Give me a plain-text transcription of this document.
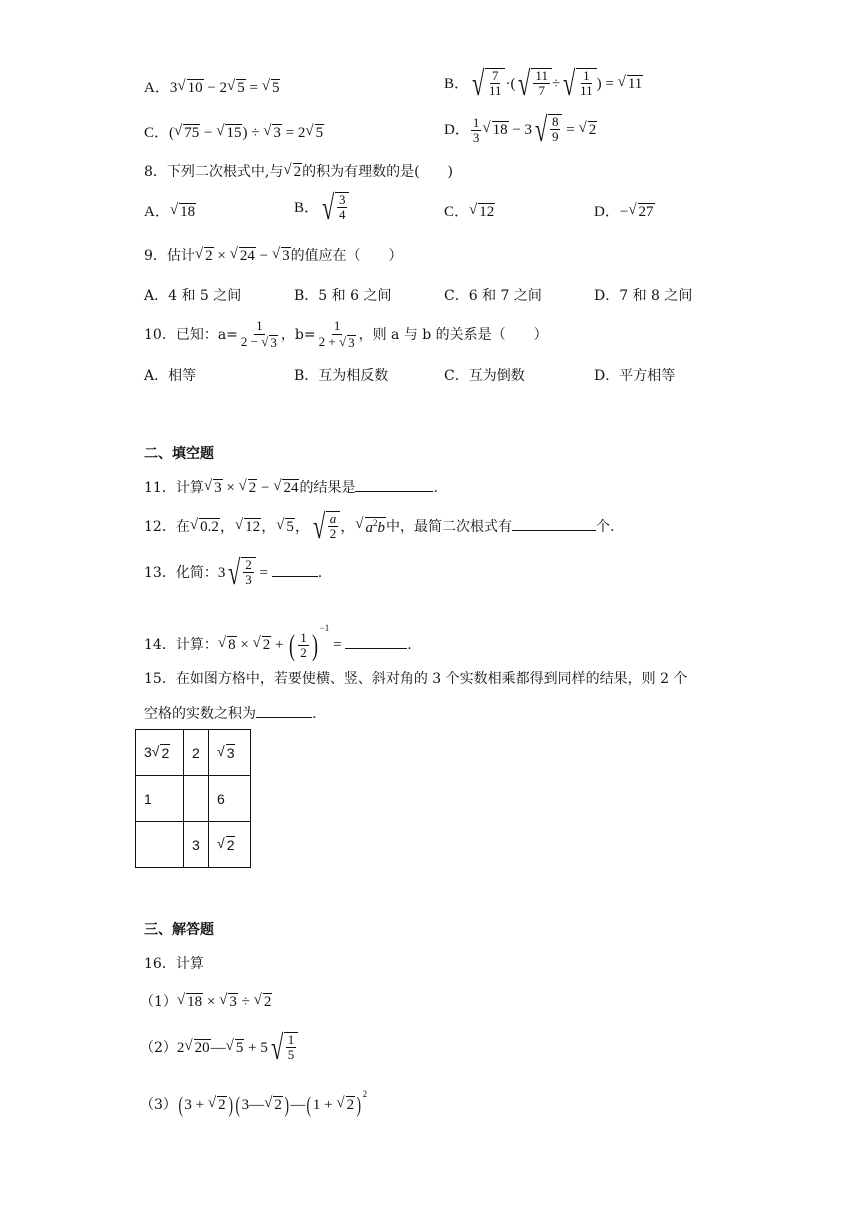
A．3 √ 10 − 2 √ 5 = √ 5	B． √ $\frac{7}{11}$ ·( √ $\frac{11}{7}$ ÷ √ $\frac{1}{11}$ ) = √ 11
C．( √ 75 − √ 15 ) ÷ √ 3 = 2 √ 5	D． $\frac{1}{3}$ √ 18 − 3 √ $\frac{8}{9}$ = √ 2
8．下列二次根式中,与 √ 2 的积为有理数的是(　　)
A． √ 18	B． √ $\frac{3}{4}$	C． √ 12	D．− √ 27
9．估计 √ 2 × √ 24 − √ 3 的值应在（　　）
A．4 和 5 之间	B．5 和 6 之间	C．6 和 7 之间	D．7 和 8 之间
10．已知：$a= \frac{1}{2 - √ 3}$ ，$b= \frac{1}{2 + √ 3}$ ，则 a 与 b 的关系是（　　）
A．相等	B．互为相反数	C．互为倒数	D．平方相等
二、填空题
11．计算 √ 3 × √ 2 − √ 24 的结果是	.
12．在 √ 0.2 ， √ 12 ， √ 5 ， √ $\frac{a}{2}$ ， √ $a^2b$ 中，最简二次根式有	个.
13．化简：3 √ $\frac{2}{3}$ =	.
14．计算： √ 8 × √ 2 + ( $\frac{1}{2} )^{-1}$ =	.
15．在如图方格中，若要使横、竖、斜对角的 3 个实数相乘都得到同样的结果，则 2 个
空格的实数之积为	.
3 √ 2	2	√ 3

1		6
	3	√ 2
三、解答题
16．计算
（1） √ 18 × √ 3 ÷ √ 2
（2）2 √ 20 — √ 5 + 5 √ $\frac{1}{5}$
（3）( 3 + √ 2 ) ( 3— √ 2 ) —( 1 + √ 2 ) $^2$
